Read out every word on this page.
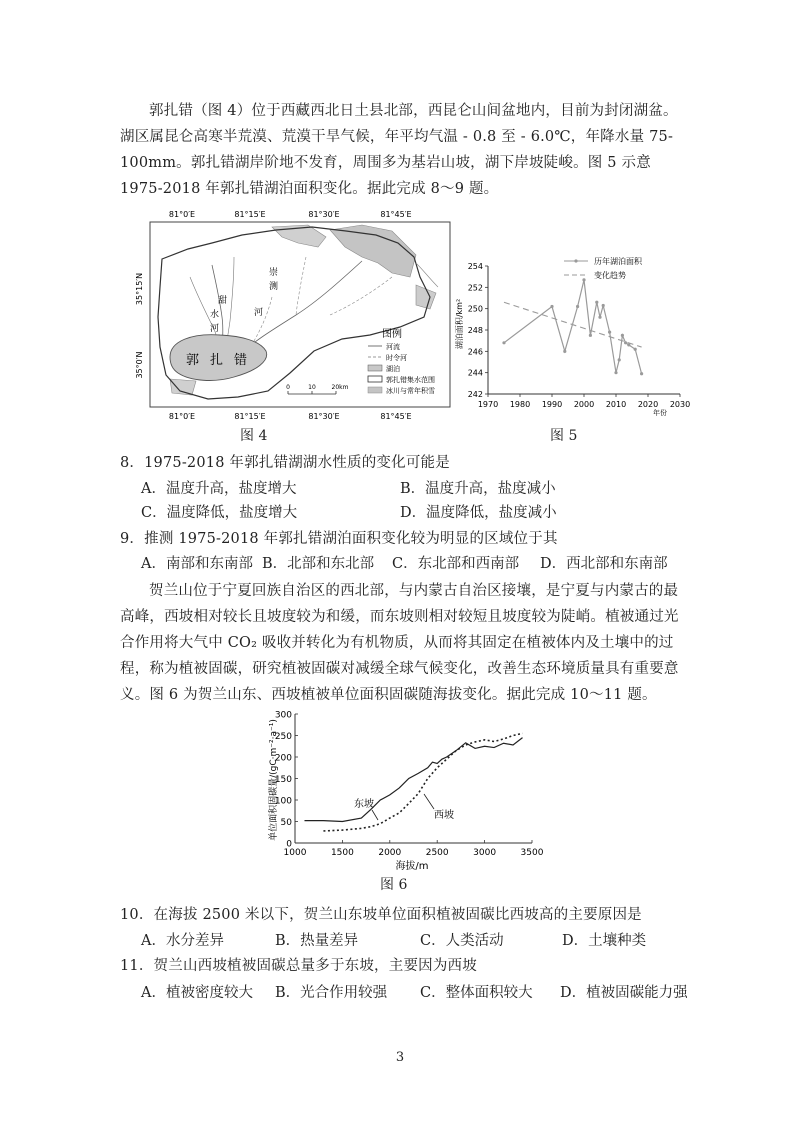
郭扎错（图 4）位于西藏西北日土县北部，西昆仑山间盆地内，目前为封闭湖盆。湖区属昆仑高寒半荒漠、荒漠干旱气候，年平均气温 - 0.8 至 - 6.0℃，年降水量 75-100mm。郭扎错湖岸阶地不发育，周围多为基岩山坡，湖下岸坡陡峻。图 5 示意 1975-2018 年郭扎错湖泊面积变化。据此完成 8～9 题。
81°0′E	81°15′E	81°30′E	81°45′E
81°0′E	81°15′E	81°30′E	81°45′E
35°15′N
35°0′N	郭 扎 错
甜
水
河
崇
测
河
0	10	20km
图例
河流
时令河
湖泊
郭扎错集水范围
冰川与常年积雪
图 4
242
244
246
248
250
252
254
1970 1980 1990 2000 2010 2020 2030
湖泊面积/km²
年份
历年湖泊面积
变化趋势
图 5
8．1975-2018 年郭扎错湖湖水性质的变化可能是
A．温度升高，盐度增大	B．温度升高，盐度减小
C．温度降低，盐度增大	D．温度降低，盐度减小
9．推测 1975-2018 年郭扎错湖泊面积变化较为明显的区域位于其
A．南部和东南部 B．北部和东北部 C．东北部和西南部 D．西北部和东南部
贺兰山位于宁夏回族自治区的西北部，与内蒙古自治区接壤，是宁夏与内蒙古的最高峰，西坡相对较长且坡度较为和缓，而东坡则相对较短且坡度较为陡峭。植被通过光合作用将大气中 CO₂ 吸收并转化为有机物质，从而将其固定在植被体内及土壤中的过程，称为植被固碳，研究植被固碳对减缓全球气候变化，改善生态环境质量具有重要意义。图 6 为贺兰山东、西坡植被单位面积固碳随海拔变化。据此完成 10～11 题。
0
50
100
150
200
250
300
1000	1500	2000	2500	3000	3500
单位面积固碳量/(gC·m⁻²·a⁻¹)
海拔/m
东坡
西坡
图 6
10．在海拔 2500 米以下，贺兰山东坡单位面积植被固碳比西坡高的主要原因是
A．水分差异	B．热量差异	C．人类活动	D．土壤种类
11．贺兰山西坡植被固碳总量多于东坡，主要因为西坡
A．植被密度较大 B．光合作用较强 C．整体面积较大 D．植被固碳能力强
3
